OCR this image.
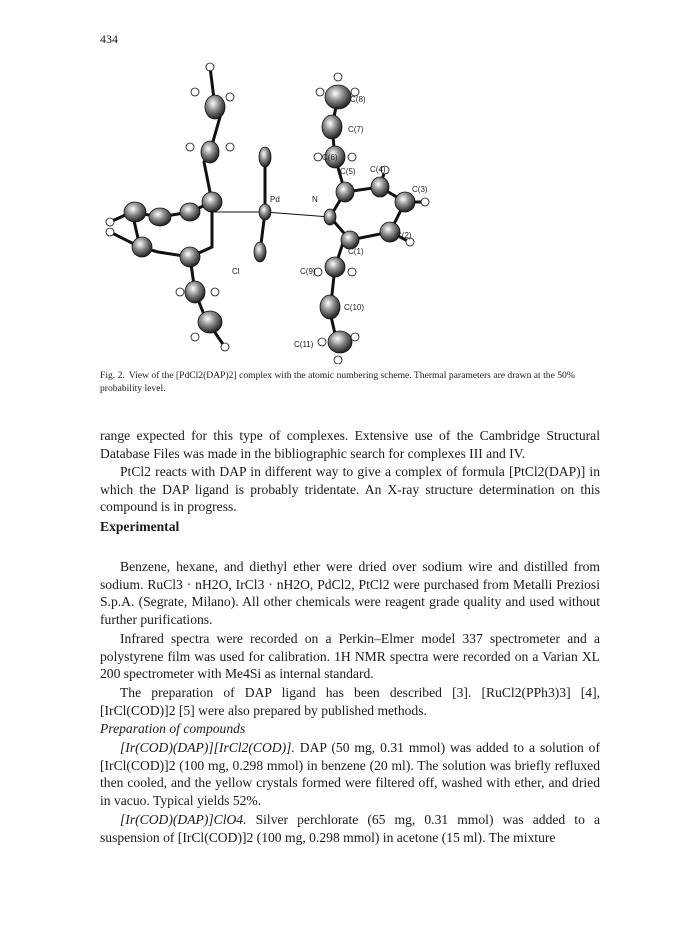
434
C(8)
C(7)
C(6)
C(5) C(4)
C(3)
C(2)
C(1)
C(9)
C(10)
C(11)
Pd	N
Cl
Fig. 2. View of the [PdCl2(DAP)2] complex with the atomic numbering scheme. Thermal parameters are drawn at the 50% probability level.

range expected for this type of complexes. Extensive use of the Cambridge Structural Database Files was made in the bibliographic search for complexes III and IV.

PtCl2 reacts with DAP in different way to give a complex of formula [PtCl2(DAP)] in which the DAP ligand is probably tridentate. An X-ray structure determination on this compound is in progress.

Experimental

Benzene, hexane, and diethyl ether were dried over sodium wire and distilled from sodium. RuCl3 · nH2O, IrCl3 · nH2O, PdCl2, PtCl2 were purchased from Metalli Preziosi S.p.A. (Segrate, Milano). All other chemicals were reagent grade quality and used without further purifications.

Infrared spectra were recorded on a Perkin–Elmer model 337 spectrometer and a polystyrene film was used for calibration. 1H NMR spectra were recorded on a Varian XL 200 spectrometer with Me4Si as internal standard.

The preparation of DAP ligand has been described [3]. [RuCl2(PPh3)3] [4], [IrCl(COD)]2 [5] were also prepared by published methods.

Preparation of compounds

[Ir(COD)(DAP)][IrCl2(COD)]. DAP (50 mg, 0.31 mmol) was added to a solution of [IrCl(COD)]2 (100 mg, 0.298 mmol) in benzene (20 ml). The solution was briefly refluxed then cooled, and the yellow crystals formed were filtered off, washed with ether, and dried in vacuo. Typical yields 52%.

[Ir(COD)(DAP)]ClO4. Silver perchlorate (65 mg, 0.31 mmol) was added to a suspension of [IrCl(COD)]2 (100 mg, 0.298 mmol) in acetone (15 ml). The mixture
